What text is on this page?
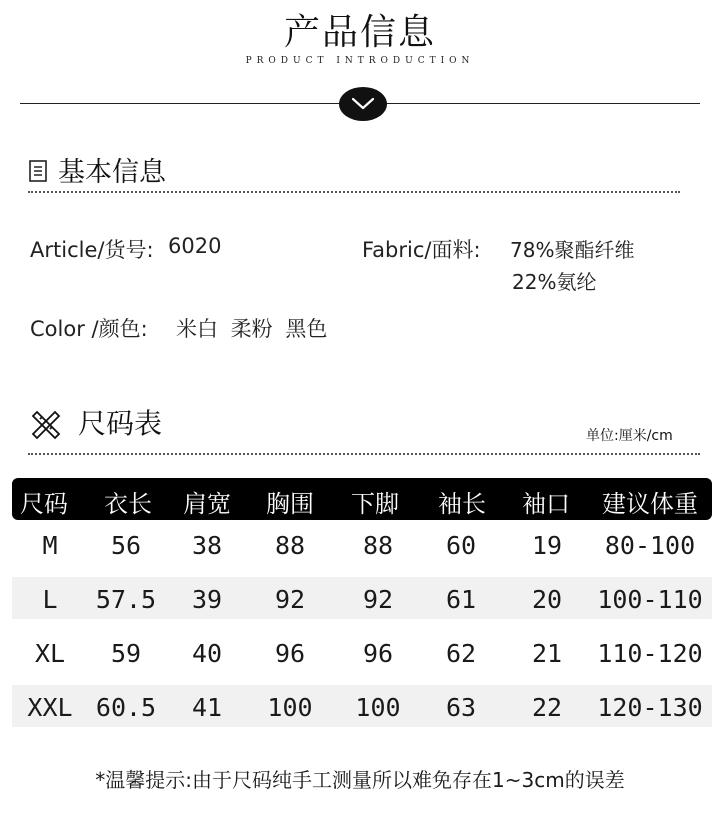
产品信息
PRODUCT INTRODUCTION
基本信息
Article/货号: 6020	Fabric/面料: 78%聚酯纤维
22%氨纶
Color /颜色: 米白 柔粉 黑色
尺码表	单位:厘米/cm
尺码	衣长	肩宽	胸围	下脚	袖长	袖口	建议体重
M	56	38	88	88	60	19	80-100
L	57.5	39	92	92	61	20	100-110
XL	59	40	96	96	62	21	110-120
XXL 60.5	41	100	100	63	22	120-130
*温馨提示:由于尺码纯手工测量所以难免存在1~3cm的误差
